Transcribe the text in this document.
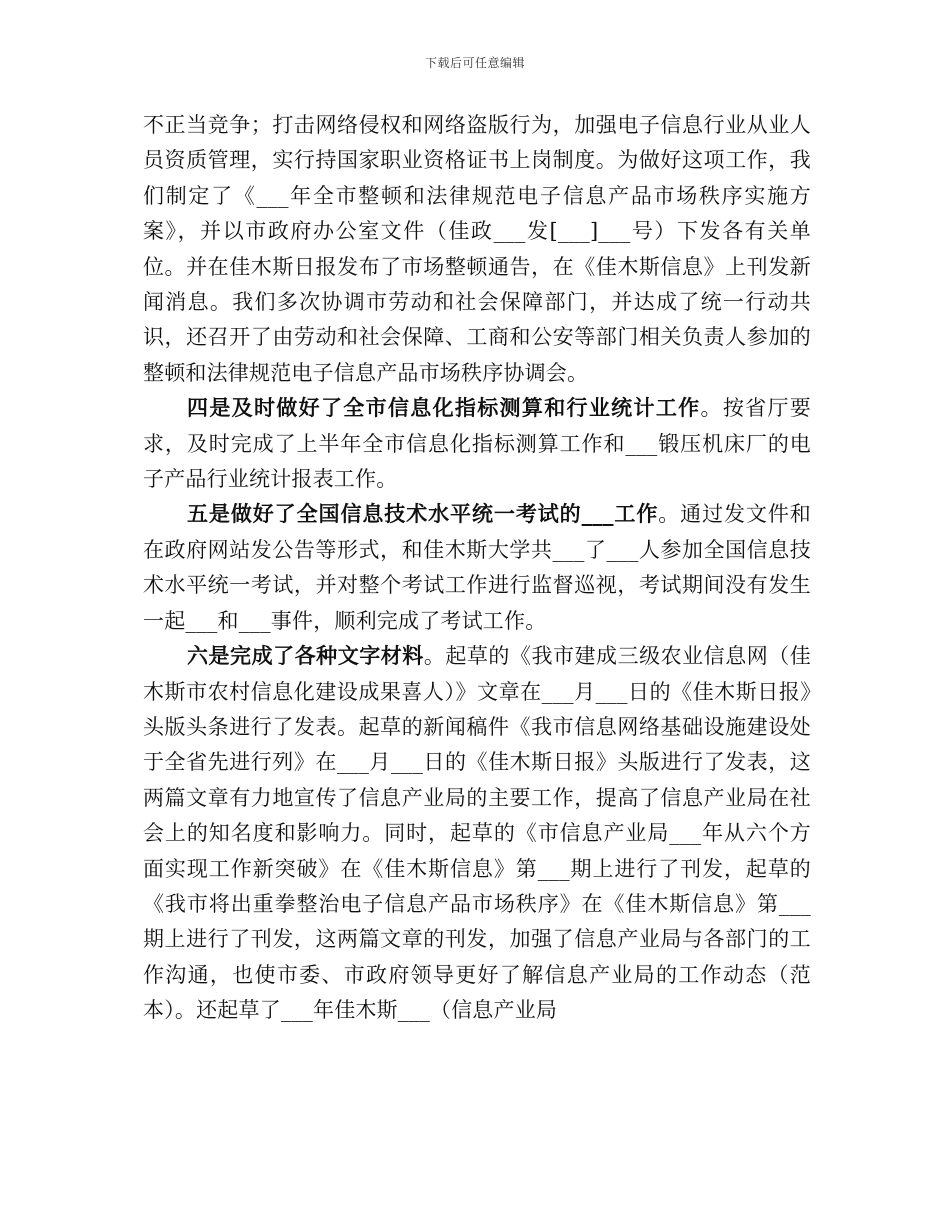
下载后可任意编辑

不正当竞争；打击网络侵权和网络盗版行为，加强电子信息行业从业人员资质管理，实行持国家职业资格证书上岗制度。为做好这项工作，我们制定了《___年全市整顿和法律规范电子信息产品市场秩序实施方案》，并以市政府办公室文件（佳政___发[___]___号）下发各有关单位。并在佳木斯日报发布了市场整顿通告，在《佳木斯信息》上刊发新闻消息。我们多次协调市劳动和社会保障部门，并达成了统一行动共识，还召开了由劳动和社会保障、工商和公安等部门相关负责人参加的整顿和法律规范电子信息产品市场秩序协调会。

四是及时做好了全市信息化指标测算和行业统计工作。按省厅要求，及时完成了上半年全市信息化指标测算工作和___锻压机床厂的电子产品行业统计报表工作。

五是做好了全国信息技术水平统一考试的___工作。通过发文件和在政府网站发公告等形式，和佳木斯大学共___了___人参加全国信息技术水平统一考试，并对整个考试工作进行监督巡视，考试期间没有发生一起___和___事件，顺利完成了考试工作。

六是完成了各种文字材料。起草的《我市建成三级农业信息网（佳木斯市农村信息化建设成果喜人）》文章在___月___日的《佳木斯日报》头版头条进行了发表。起草的新闻稿件《我市信息网络基础设施建设处于全省先进行列》在___月___日的《佳木斯日报》头版进行了发表，这两篇文章有力地宣传了信息产业局的主要工作，提高了信息产业局在社会上的知名度和影响力。同时，起草的《市信息产业局___年从六个方面实现工作新突破》在《佳木斯信息》第___期上进行了刊发，起草的《我市将出重拳整治电子信息产品市场秩序》在《佳木斯信息》第___期上进行了刊发，这两篇文章的刊发，加强了信息产业局与各部门的工作沟通，也使市委、市政府领导更好了解信息产业局的工作动态（范本）。还起草了___年佳木斯___（信息产业局
